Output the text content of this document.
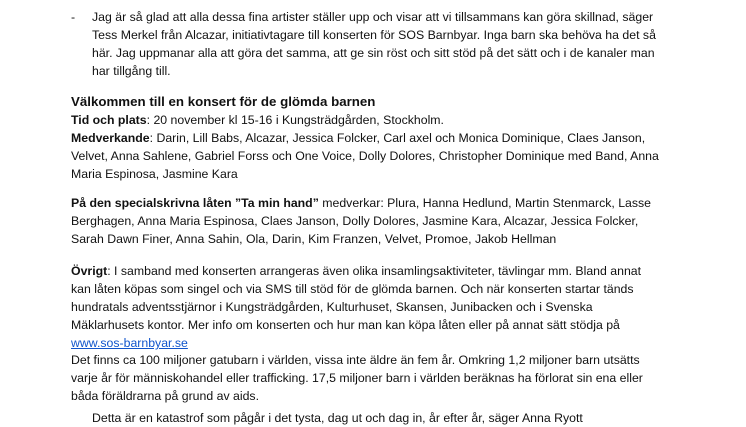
- Jag är så glad att alla dessa fina artister ställer upp och visar att vi tillsammans kan göra skillnad, säger

Tess Merkel från Alcazar, initiativtagare till konserten för SOS Barnbyar. Inga barn ska behöva ha det så

här. Jag uppmanar alla att göra det samma, att ge sin röst och sitt stöd på det sätt och i de kanaler man

har tillgång till.

Välkommen till en konsert för de glömda barnen

Tid och plats: 20 november kl 15-16 i Kungsträdgården, Stockholm.

Medverkande: Darin, Lill Babs, Alcazar, Jessica Folcker, Carl axel och Monica Dominique, Claes Janson,

Velvet, Anna Sahlene, Gabriel Forss och One Voice, Dolly Dolores, Christopher Dominique med Band, Anna

Maria Espinosa, Jasmine Kara

På den specialskrivna låten ”Ta min hand” medverkar: Plura, Hanna Hedlund, Martin Stenmarck, Lasse

Berghagen, Anna Maria Espinosa, Claes Janson, Dolly Dolores, Jasmine Kara, Alcazar, Jessica Folcker,

Sarah Dawn Finer, Anna Sahin, Ola, Darin, Kim Franzen, Velvet, Promoe, Jakob Hellman

Övrigt: I samband med konserten arrangeras även olika insamlingsaktiviteter, tävlingar mm. Bland annat

kan låten köpas som singel och via SMS till stöd för de glömda barnen. Och när konserten startar tänds

hundratals adventsstjärnor i Kungsträdgården, Kulturhuset, Skansen, Junibacken och i Svenska

Mäklarhusets kontor. Mer info om konserten och hur man kan köpa låten eller på annat sätt stödja på

www.sos-barnbyar.se

Det finns ca 100 miljoner gatubarn i världen, vissa inte äldre än fem år. Omkring 1,2 miljoner barn utsätts

varje år för människohandel eller trafficking. 17,5 miljoner barn i världen beräknas ha förlorat sin ena eller

båda föräldrarna på grund av aids.

Detta är en katastrof som pågår i det tysta, dag ut och dag in, år efter år, säger Anna Ryott
